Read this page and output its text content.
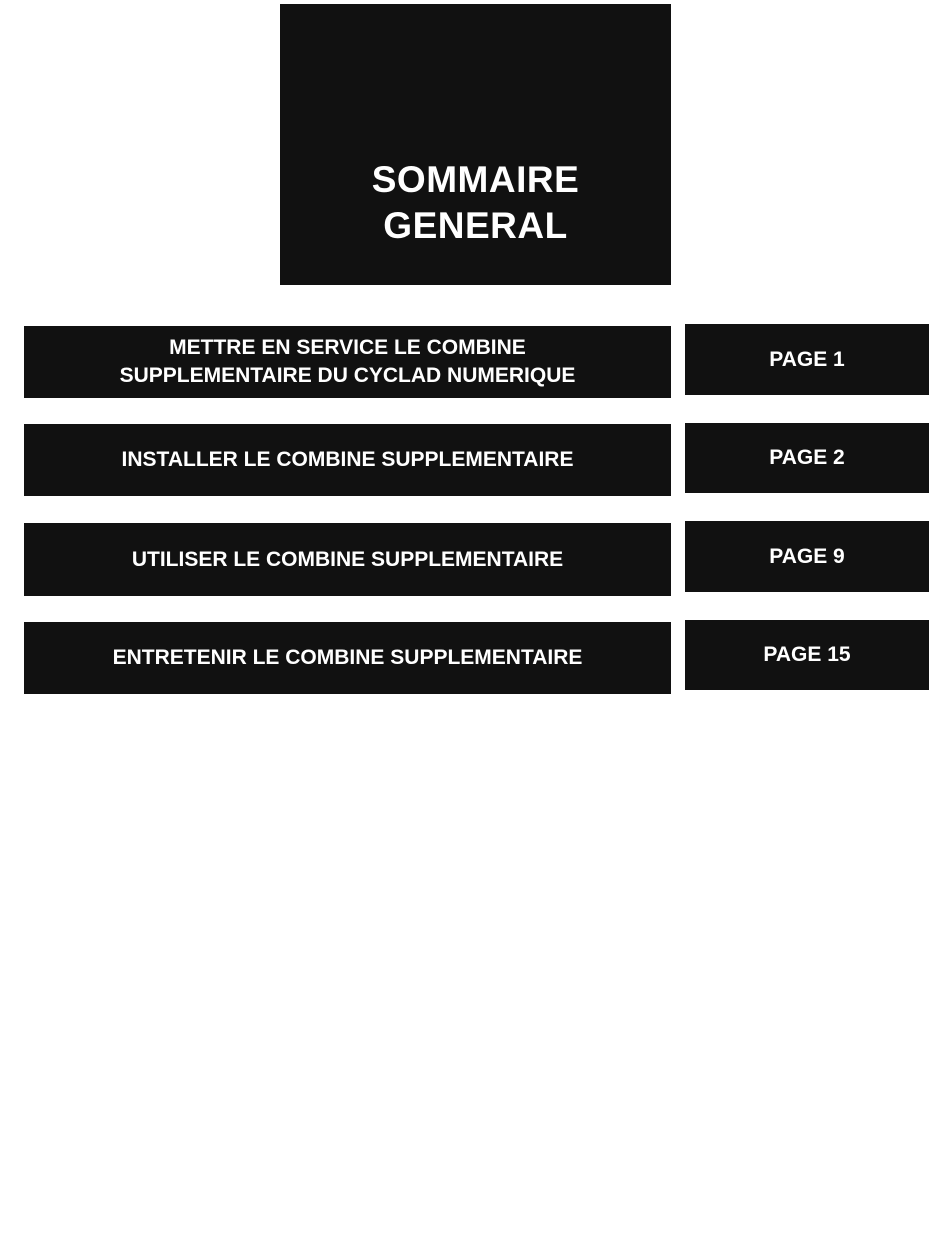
SOMMAIRE
GENERAL
METTRE EN SERVICE LE COMBINE
SUPPLEMENTAIRE DU CYCLAD NUMERIQUE
PAGE 1
INSTALLER LE COMBINE SUPPLEMENTAIRE	PAGE 2
UTILISER LE COMBINE SUPPLEMENTAIRE	PAGE 9
ENTRETENIR LE COMBINE SUPPLEMENTAIRE	PAGE 15
